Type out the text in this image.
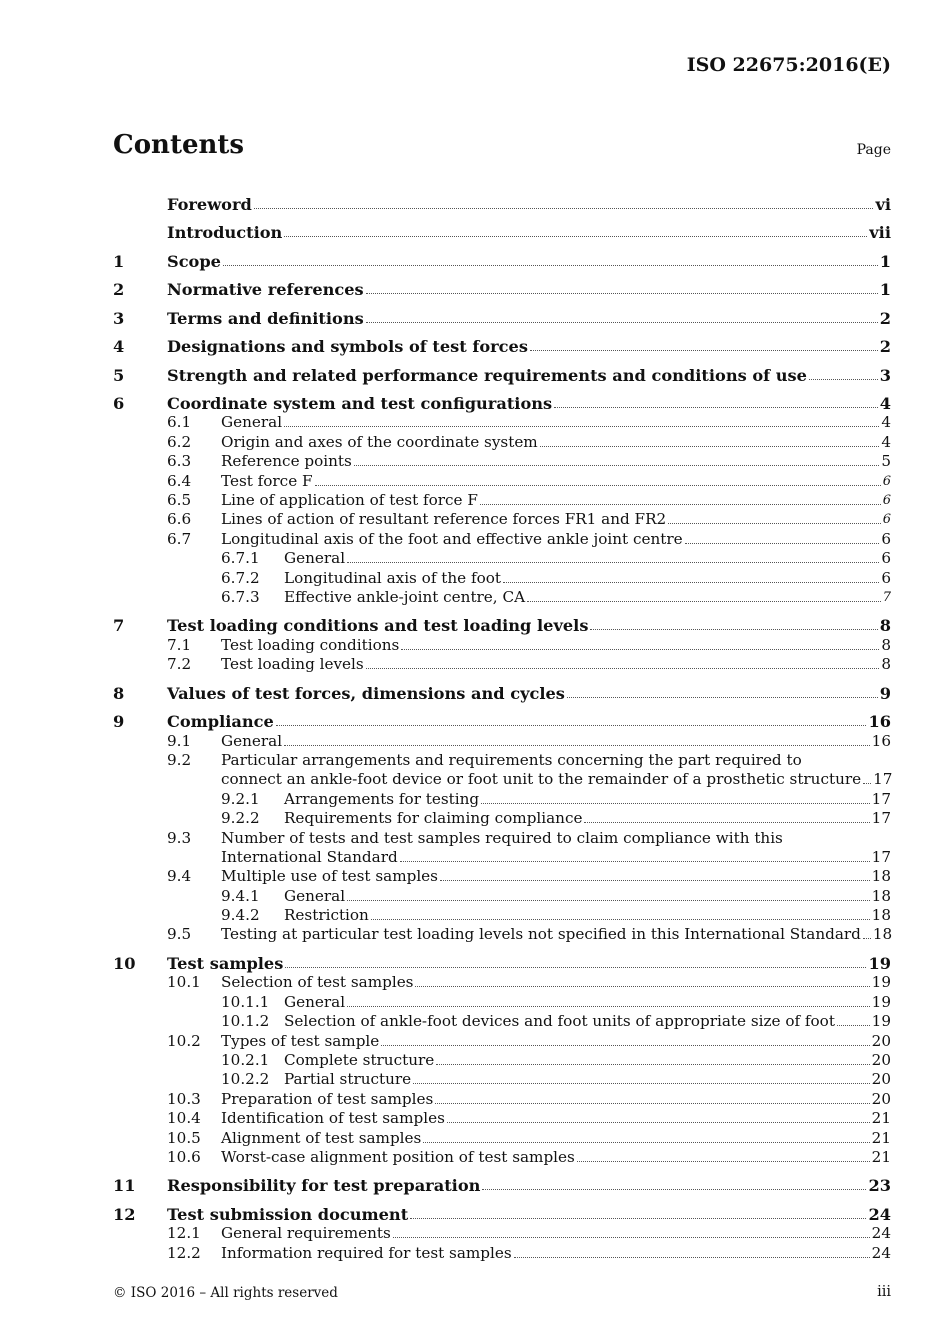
ISO 22675:2016(E)
Contents	Page
Foreword	vi
Introduction	vii
1	Scope	1
2	Normative references	1
3	Terms and definitions	2
4	Designations and symbols of test forces	2
5	Strength and related performance requirements and conditions of use	3
6	Coordinate system and test configurations	4
6.1	General	4
6.2	Origin and axes of the coordinate system	4
6.3	Reference points	5
6.4	Test force F	6
6.5	Line of application of test force F	6
6.6	Lines of action of resultant reference forces FR1 and FR2	6
6.7	Longitudinal axis of the foot and effective ankle joint centre	6
6.7.1	General	6
6.7.2	Longitudinal axis of the foot	6
6.7.3	Effective ankle-joint centre, CA	7
7	Test loading conditions and test loading levels	8
7.1	Test loading conditions	8
7.2	Test loading levels	8
8	Values of test forces, dimensions and cycles	9
9	Compliance	16
9.1	General	16
9.2	Particular arrangements and requirements concerning the part required to
connect an ankle-foot device or foot unit to the remainder of a prosthetic structure 17
9.2.1	Arrangements for testing	17
9.2.2	Requirements for claiming compliance	17
9.3	Number of tests and test samples required to claim compliance with this
International Standard	17
9.4	Multiple use of test samples	18
9.4.1	General	18
9.4.2	Restriction	18
9.5	Testing at particular test loading levels not specified in this International Standard 18
10	Test samples	19
10.1	Selection of test samples	19
10.1.1 General	19
10.1.2 Selection of ankle-foot devices and foot units of appropriate size of foot 19
10.2	Types of test sample	20
10.2.1 Complete structure	20
10.2.2 Partial structure	20
10.3	Preparation of test samples	20
10.4	Identification of test samples	21
10.5	Alignment of test samples	21
10.6	Worst-case alignment position of test samples	21
11	Responsibility for test preparation	23
12	Test submission document	24
12.1	General requirements	24
12.2	Information required for test samples	24
© ISO 2016 – All rights reserved	iii
